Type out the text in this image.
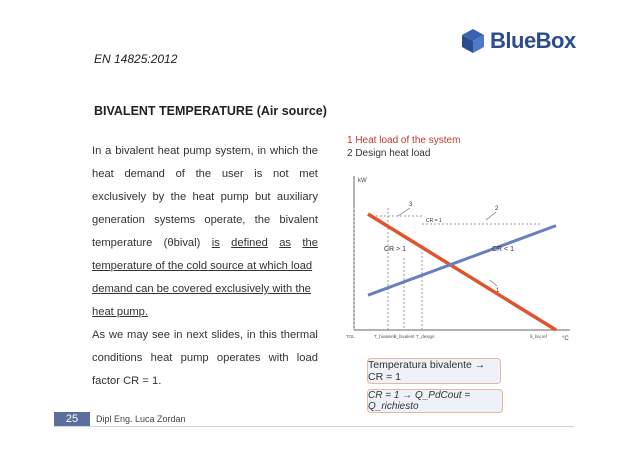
EN 14825:2012
BlueBox
BIVALENT TEMPERATURE (Air source)
In a bivalent heat pump system, in which the
heat demand of the user is not met
exclusively by the heat pump but auxiliary
generation systems operate, the bivalent
temperature (θbival) is defined as the
temperature of the cold source at which load
demand can be covered exclusively with the
heat pump.
As we may see in next slides, in this thermal
conditions heat pump operates with load
factor CR = 1.
1 Heat load of the system
2 Design heat load
kW
°C
3
2
1
CR = 1
CR > 1	CR < 1
TOL	T_bivalent θ_bivalent T_design	θ_biv,ref
Temperatura bivalente → CR = 1
CR = 1 → Q_PdCout = Q_richiesto
25	Dipl Eng. Luca Zordan
